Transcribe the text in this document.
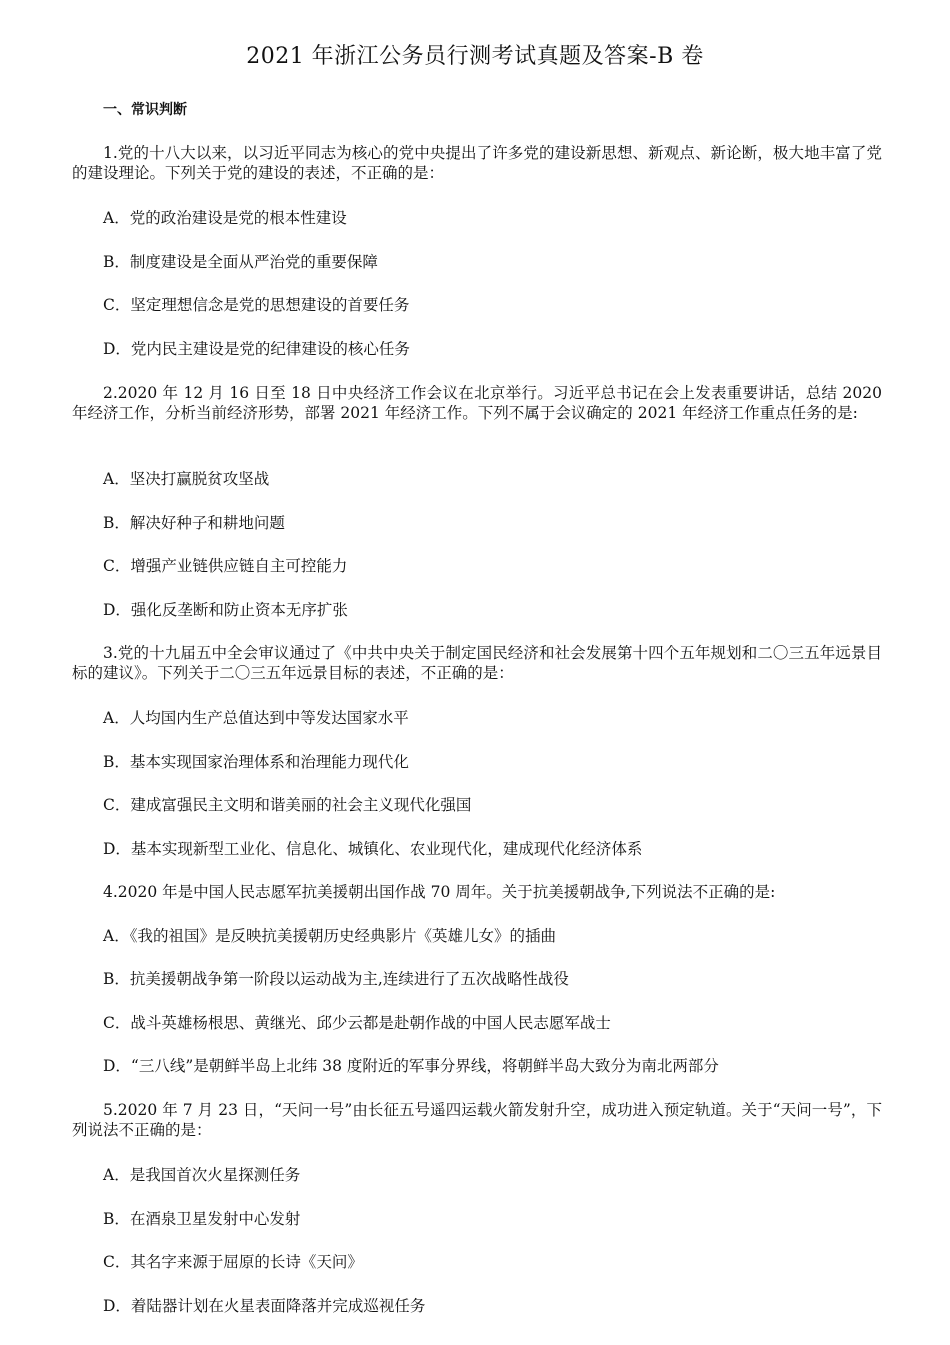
2021 年浙江公务员行测考试真题及答案-B 卷
一、常识判断
1.党的十八大以来，以习近平同志为核心的党中央提出了许多党的建设新思想、新观点、新论断，极大地丰富了党的建设理论。下列关于党的建设的表述，不正确的是：
A．党的政治建设是党的根本性建设
B．制度建设是全面从严治党的重要保障
C．坚定理想信念是党的思想建设的首要任务
D．党内民主建设是党的纪律建设的核心任务
2.2020 年 12 月 16 日至 18 日中央经济工作会议在北京举行。习近平总书记在会上发表重要讲话，总结 2020 年经济工作，分析当前经济形势，部署 2021 年经济工作。下列不属于会议确定的 2021 年经济工作重点任务的是:
A．坚决打赢脱贫攻坚战
B．解决好种子和耕地问题
C．增强产业链供应链自主可控能力
D．强化反垄断和防止资本无序扩张
3.党的十九届五中全会审议通过了《中共中央关于制定国民经济和社会发展第十四个五年规划和二〇三五年远景目标的建议》。下列关于二〇三五年远景目标的表述，不正确的是：
A．人均国内生产总值达到中等发达国家水平
B．基本实现国家治理体系和治理能力现代化
C．建成富强民主文明和谐美丽的社会主义现代化强国
D．基本实现新型工业化、信息化、城镇化、农业现代化，建成现代化经济体系
4.2020 年是中国人民志愿军抗美援朝出国作战 70 周年。关于抗美援朝战争,下列说法不正确的是:
A．《我的祖国》是反映抗美援朝历史经典影片《英雄儿女》的插曲
B．抗美援朝战争第一阶段以运动战为主,连续进行了五次战略性战役
C．战斗英雄杨根思、黄继光、邱少云都是赴朝作战的中国人民志愿军战士
D．“三八线”是朝鲜半岛上北纬 38 度附近的军事分界线，将朝鲜半岛大致分为南北两部分
5.2020 年 7 月 23 日，“天问一号”由长征五号遥四运载火箭发射升空，成功进入预定轨道。关于“天问一号”，下列说法不正确的是：
A．是我国首次火星探测任务
B．在酒泉卫星发射中心发射
C．其名字来源于屈原的长诗《天问》
D．着陆器计划在火星表面降落并完成巡视任务
